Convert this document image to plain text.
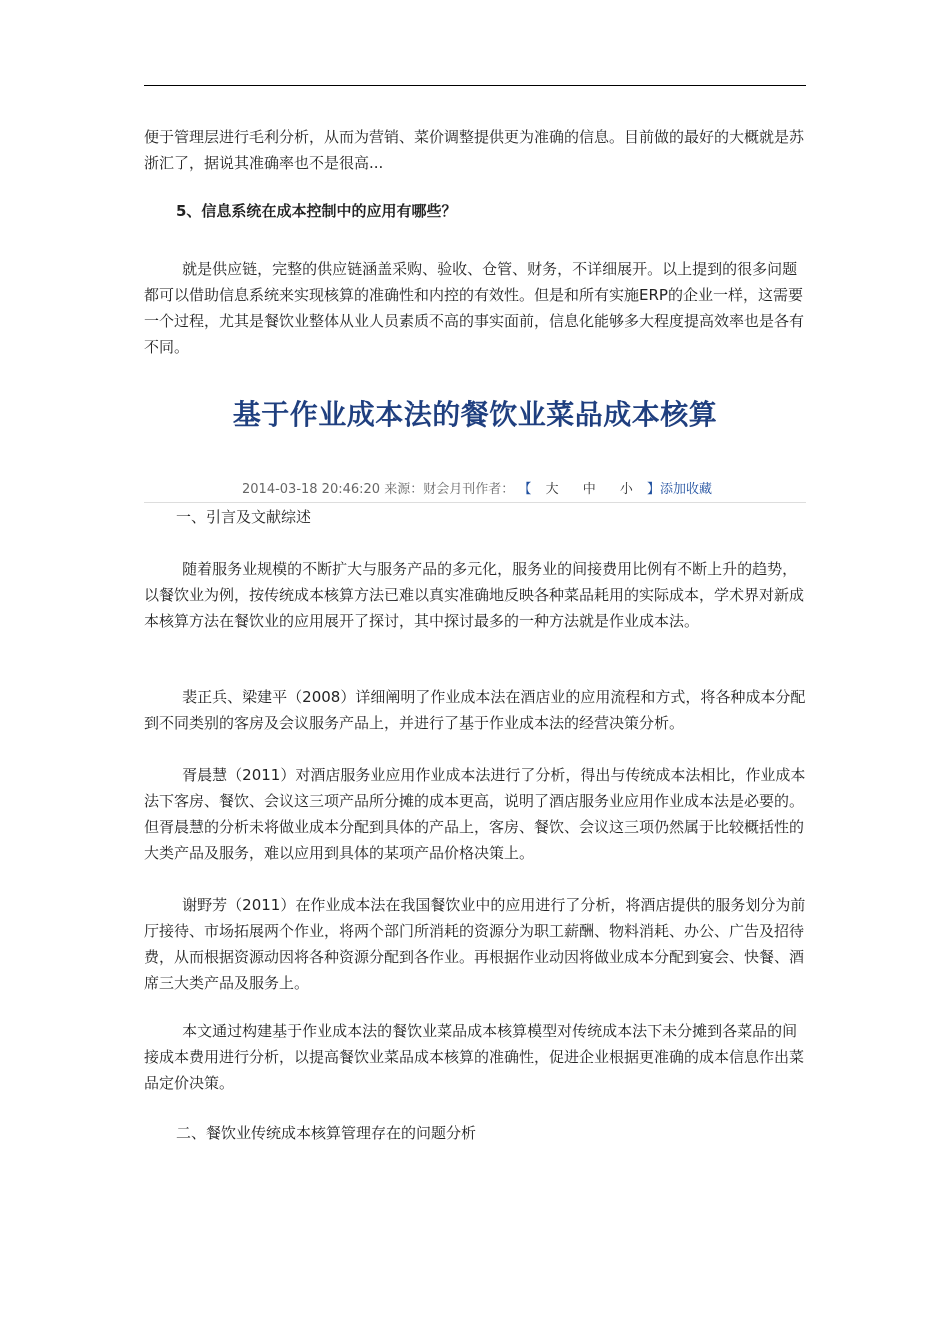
便于管理层进行毛利分析，从而为营销、菜价调整提供更为准确的信息。目前做的最好的大概就是苏浙汇了，据说其准确率也不是很高...

5、信息系统在成本控制中的应用有哪些？

就是供应链，完整的供应链涵盖采购、验收、仓管、财务，不详细展开。以上提到的很多问题都可以借助信息系统来实现核算的准确性和内控的有效性。但是和所有实施ERP的企业一样，这需要一个过程，尤其是餐饮业整体从业人员素质不高的事实面前，信息化能够多大程度提高效率也是各有不同。

基于作业成本法的餐饮业菜品成本核算
2014-03-18 20:46:20 来源：财会月刊作者： 【 大 中 小 】添加收藏

一、引言及文献综述

随着服务业规模的不断扩大与服务产品的多元化，服务业的间接费用比例有不断上升的趋势，以餐饮业为例，按传统成本核算方法已难以真实准确地反映各种菜品耗用的实际成本，学术界对新成本核算方法在餐饮业的应用展开了探讨，其中探讨最多的一种方法就是作业成本法。

裴正兵、梁建平（2008）详细阐明了作业成本法在酒店业的应用流程和方式，将各种成本分配到不同类别的客房及会议服务产品上，并进行了基于作业成本法的经营决策分析。

胥晨慧（2011）对酒店服务业应用作业成本法进行了分析，得出与传统成本法相比，作业成本法下客房、餐饮、会议这三项产品所分摊的成本更高，说明了酒店服务业应用作业成本法是必要的。但胥晨慧的分析未将做业成本分配到具体的产品上，客房、餐饮、会议这三项仍然属于比较概括性的大类产品及服务，难以应用到具体的某项产品价格决策上。

谢野芳（2011）在作业成本法在我国餐饮业中的应用进行了分析，将酒店提供的服务划分为前厅接待、市场拓展两个作业，将两个部门所消耗的资源分为职工薪酬、物料消耗、办公、广告及招待费，从而根据资源动因将各种资源分配到各作业。再根据作业动因将做业成本分配到宴会、快餐、酒席三大类产品及服务上。

本文通过构建基于作业成本法的餐饮业菜品成本核算模型对传统成本法下未分摊到各菜品的间接成本费用进行分析，以提高餐饮业菜品成本核算的准确性，促进企业根据更准确的成本信息作出菜品定价决策。

二、餐饮业传统成本核算管理存在的问题分析
